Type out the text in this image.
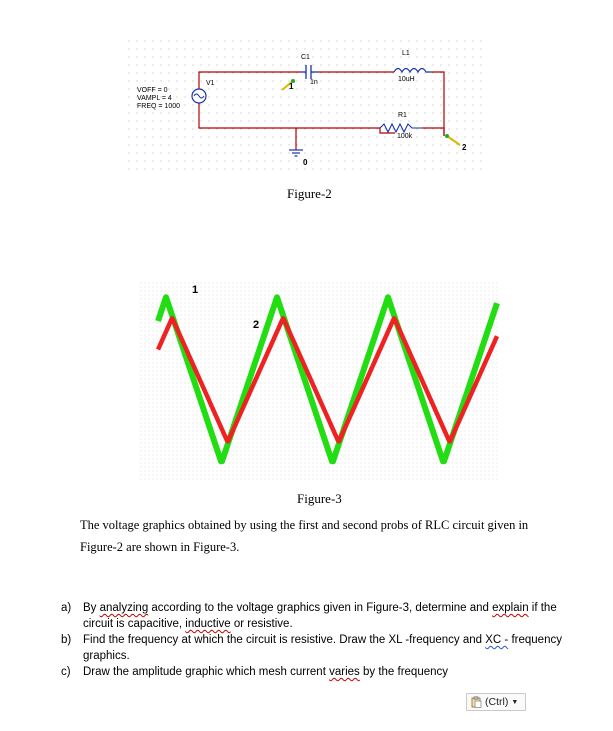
VOFF = 0
VAMPL = 4
FREQ = 1000
V1
C1
1n
L1
10uH
R1
100k
1
2
0
Figure-2
1
2
Figure-3
The voltage graphics obtained by using the first and second probs of RLC circuit given in
Figure-2 are shown in Figure-3.
a) By analyzing according to the voltage graphics given in Figure-3, determine and explain if the
circuit is capacitive, inductive or resistive.
b) Find the frequency at which the circuit is resistive. Draw the XL -frequency and XC - frequency
graphics.
c) Draw the amplitude graphic which mesh current varies by the frequency
(Ctrl) ▼
